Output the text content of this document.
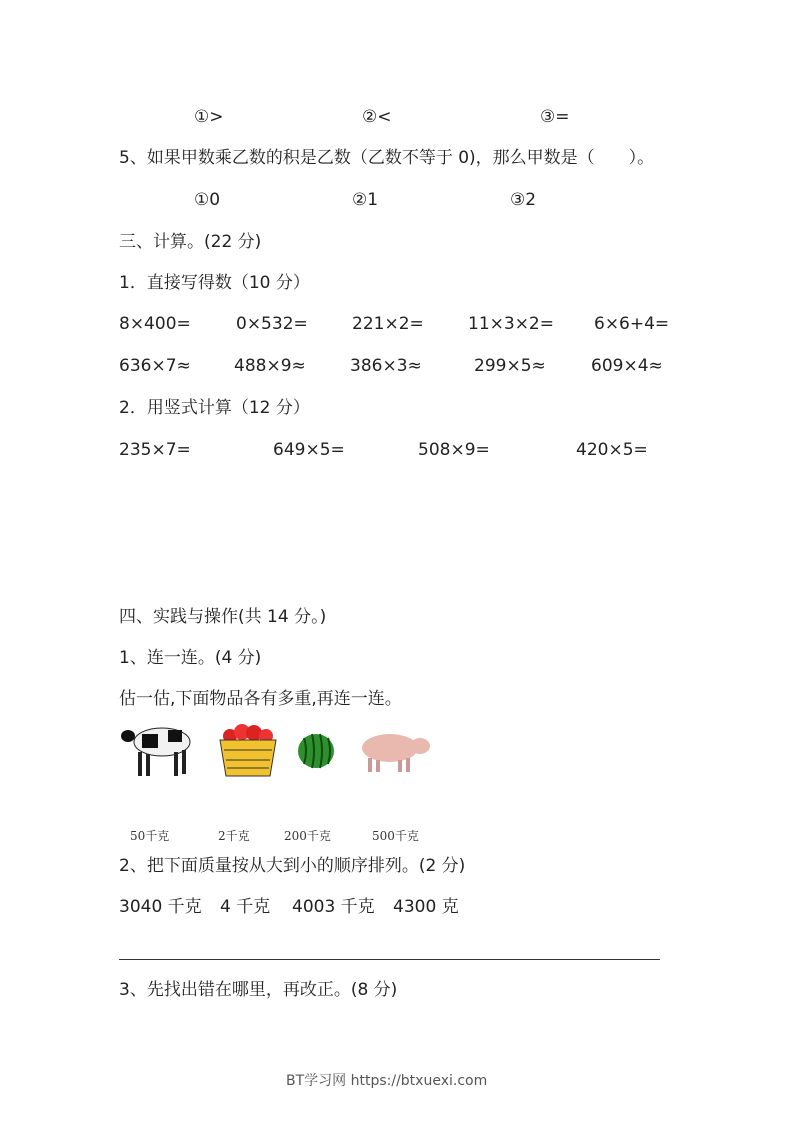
①>	②<	③=
5、如果甲数乘乙数的积是乙数（乙数不等于 0)，那么甲数是（　　）。
①0	②1	③2
三、计算。(22 分)
1．直接写得数（10 分）
8×400=	0×532=	221×2=	11×3×2= 6×6+4=
636×7≈	488×9≈	386×3≈	299×5≈	609×4≈
2．用竖式计算（12 分）
235×7=	649×5=	508×9=	420×5=
四、实践与操作(共 14 分。)
1、连一连。(4 分)
估一估,下面物品各有多重,再连一连。
50千克	2千克	200千克	500千克
2、把下面质量按从大到小的顺序排列。(2 分)
3040 千克 4 千克 4003 千克 4300 克
3、先找出错在哪里，再改正。(8 分)
BT学习网 https://btxuexi.com
